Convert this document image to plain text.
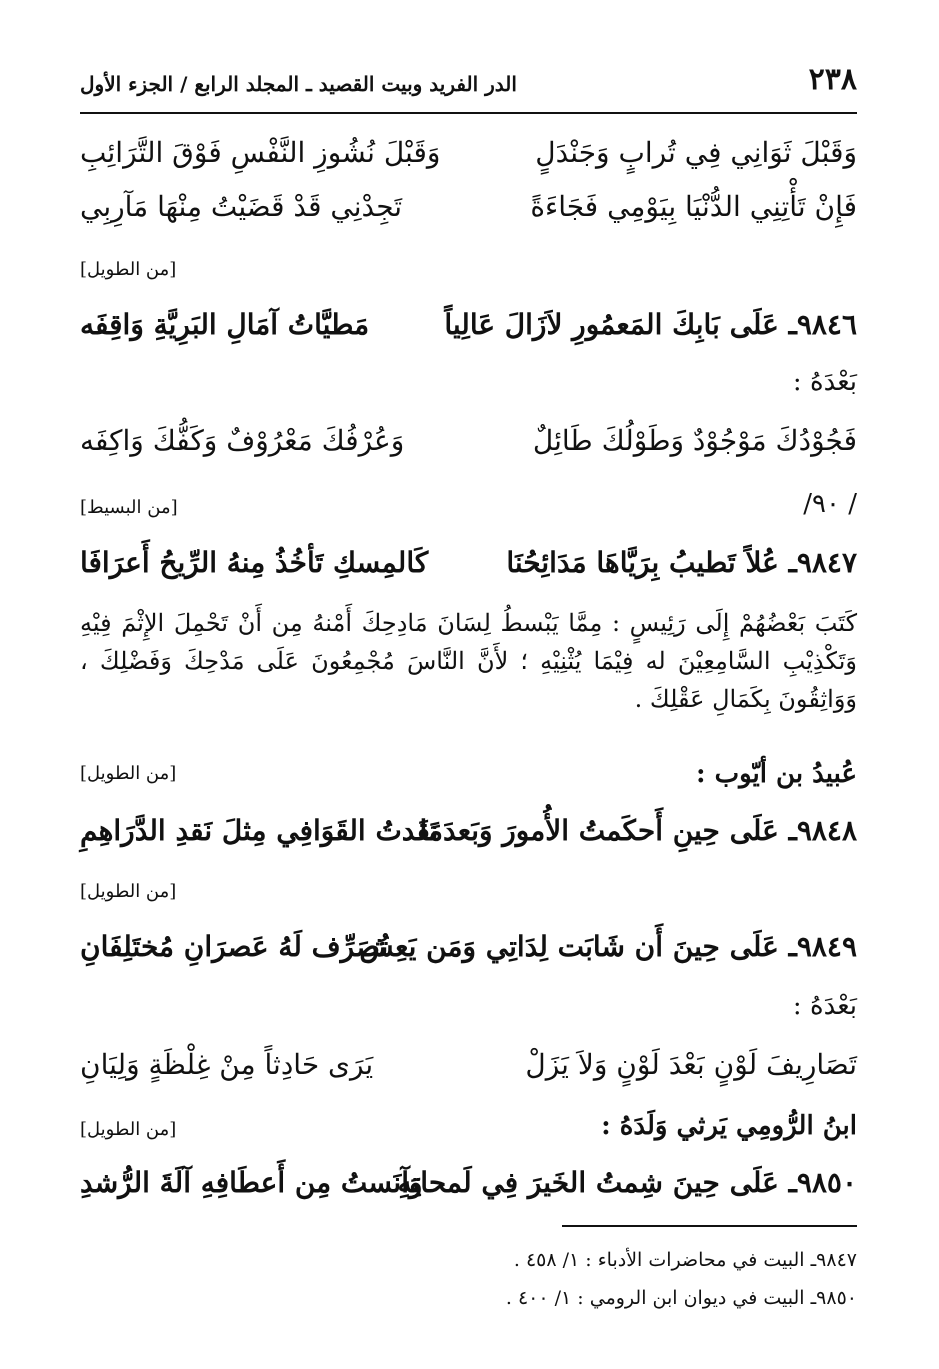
٢٣٨
الدر الفريد وبيت القصيد ـ المجلد الرابع / الجزء الأول
وَقَبْلَ ثَوَانِي فِي تُرابٍ وَجَنْدَلٍ
وَقَبْلَ نُشُوزِ النَّفْسِ فَوْقَ التَّرَائِبِ
فَإِنْ تَأْتِنِي الدُّنْيَا بِيَوْمِي فَجَاءَةً
تَجِدْنِي قَدْ قَضَيْتُ مِنْهَا مَآرِبِي
[من الطويل]
٩٨٤٦ـ عَلَى بَابِكَ المَعمُورِ لاَزَالَ عَالِياً
مَطيَّاتُ آمَالِ البَرِيَّةِ وَاقِفَه
بَعْدَهُ :
فَجُوْدُكَ مَوْجُوْدٌ وَطَوْلُكَ طَائِلٌ
وَعُرْفُكَ مَعْرُوْفٌ وَكَفُّكَ وَاكِفَه
/ ٩٠/
[من البسيط]
٩٨٤٧ـ عُلاً تَطيبُ بِرَيَّاهَا مَدَائِحُنَا
كَالمِسكِ تَأخُذُ مِنهُ الرِّيحُ أَعرَافَا
كَتَبَ بَعْضُهُمْ إِلَى رَئِيسٍ : مِمَّا يَبْسطُ لِسَانَ مَادِحِكَ أَمْنهُ مِن أَنْ تَحْمِلَ الإِثْمَ فِيْهِ وَتَكْذِيْبِ السَّامِعِيْنَ له فِيْمَا يُثْنِيْهِ ؛ لأَنَّ النَّاسَ مُجْمِعُونَ عَلَى مَدْحِكَ وَفَضْلِكَ ، وَوَاثِقُونَ بِكَمَالِ عَقْلِكَ .
عُبيدُ بن أيّوب :
[من الطويل]
٩٨٤٨ـ عَلَى حِينِ أَحكَمتُ الأُمورَ وَبَعدَمَا
نَقَدتُ القَوَافِي مِثلَ نَقدِ الدَّرَاهِمِ
[من الطويل]
٩٨٤٩ـ عَلَى حِينَ أَن شَابَت لِدَاتِي وَمَن يَعِش
تُصَرِّف لَهُ عَصرَانِ مُختَلِفَانِ
بَعْدَهُ :
تَصَارِيفَ لَوْنٍ بَعْدَ لَوْنٍ وَلاَ يَزَلْ
يَرَى حَادِثاً مِنْ غِلْظَةٍ وَلِيَانِ
ابنُ الرُّومِي يَرثي وَلَدَهُ :
[من الطويل]
٩٨٥٠ـ عَلَى حِينَ شِمتُ الخَيرَ فِي لَمحاتِهِ
وَآنَستُ مِن أَعطَافِهِ آلَةَ الرُّشدِ
٩٨٤٧ـ البيت في محاضرات الأدباء : ١/ ٤٥٨ .
٩٨٥٠ـ البيت في ديوان ابن الرومي : ١/ ٤٠٠ .
